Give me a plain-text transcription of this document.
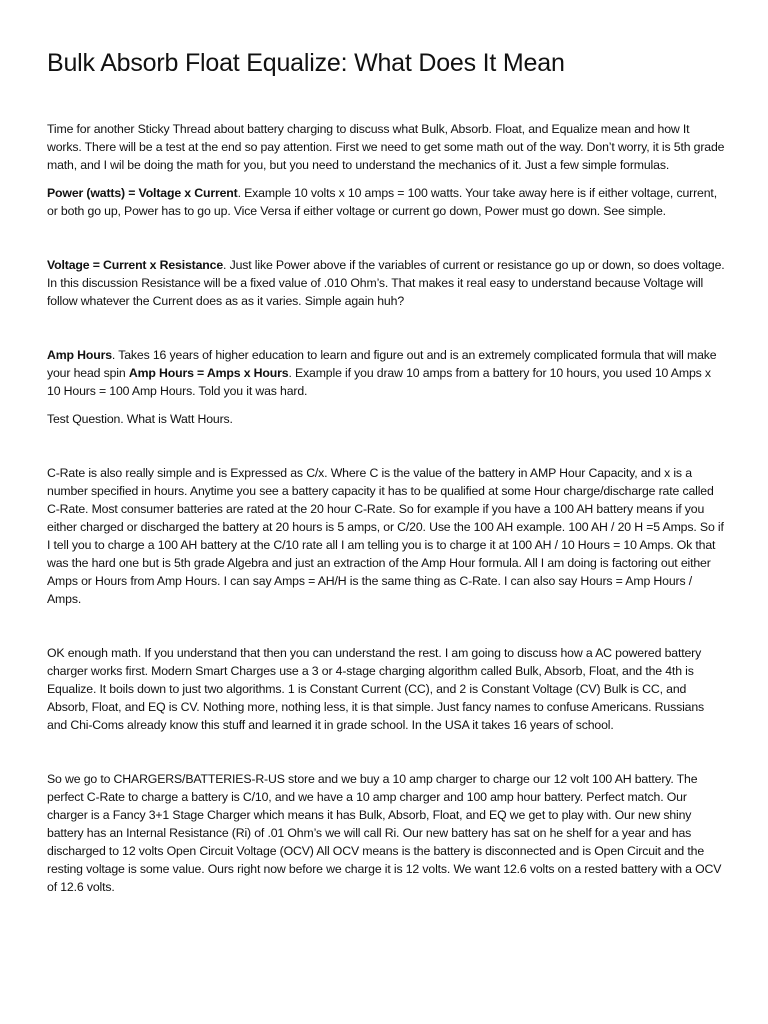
Bulk Absorb Float Equalize: What Does It Mean

Time for another Sticky Thread about battery charging to discuss what Bulk, Absorb. Float, and Equalize mean and how It works. There will be a test at the end so pay attention. First we need to get some math out of the way. Don’t worry, it is 5th grade math, and I wil be doing the math for you, but you need to understand the mechanics of it. Just a few simple formulas.

Power (watts) = Voltage x Current. Example 10 volts x 10 amps = 100 watts. Your take away here is if either voltage, current, or both go up, Power has to go up. Vice Versa if either voltage or current go down, Power must go down. See simple.

Voltage = Current x Resistance. Just like Power above if the variables of current or resistance go up or down, so does voltage. In this discussion Resistance will be a fixed value of .010 Ohm’s. That makes it real easy to understand because Voltage will follow whatever the Current does as as it varies. Simple again huh?

Amp Hours. Takes 16 years of higher education to learn and figure out and is an extremely complicated formula that will make your head spin Amp Hours = Amps x Hours. Example if you draw 10 amps from a battery for 10 hours, you used 10 Amps x 10 Hours = 100 Amp Hours. Told you it was hard.

Test Question. What is Watt Hours.

C-Rate is also really simple and is Expressed as C/x. Where C is the value of the battery in AMP Hour Capacity, and x is a number specified in hours. Anytime you see a battery capacity it has to be qualified at some Hour charge/discharge rate called C-Rate. Most consumer batteries are rated at the 20 hour C-Rate. So for example if you have a 100 AH battery means if you either charged or discharged the battery at 20 hours is 5 amps, or C/20. Use the 100 AH example. 100 AH / 20 H =5 Amps. So if I tell you to charge a 100 AH battery at the C/10 rate all I am telling you is to charge it at 100 AH / 10 Hours = 10 Amps. Ok that was the hard one but is 5th grade Algebra and just an extraction of the Amp Hour formula. All I am doing is factoring out either Amps or Hours from Amp Hours. I can say Amps = AH/H is the same thing as C-Rate. I can also say Hours = Amp Hours / Amps.

OK enough math. If you understand that then you can understand the rest. I am going to discuss how a AC powered battery charger works first. Modern Smart Charges use a 3 or 4-stage charging algorithm called Bulk, Absorb, Float, and the 4th is Equalize. It boils down to just two algorithms. 1 is Constant Current (CC), and 2 is Constant Voltage (CV) Bulk is CC, and Absorb, Float, and EQ is CV. Nothing more, nothing less, it is that simple. Just fancy names to confuse Americans. Russians and Chi-Coms already know this stuff and learned it in grade school. In the USA it takes 16 years of school.

So we go to CHARGERS/BATTERIES-R-US store and we buy a 10 amp charger to charge our 12 volt 100 AH battery. The perfect C-Rate to charge a battery is C/10, and we have a 10 amp charger and 100 amp hour battery. Perfect match. Our charger is a Fancy 3+1 Stage Charger which means it has Bulk, Absorb, Float, and EQ we get to play with. Our new shiny battery has an Internal Resistance (Ri) of .01 Ohm’s we will call Ri. Our new battery has sat on he shelf for a year and has discharged to 12 volts Open Circuit Voltage (OCV) All OCV means is the battery is disconnected and is Open Circuit and the resting voltage is some value. Ours right now before we charge it is 12 volts. We want 12.6 volts on a rested battery with a OCV of 12.6 volts.
